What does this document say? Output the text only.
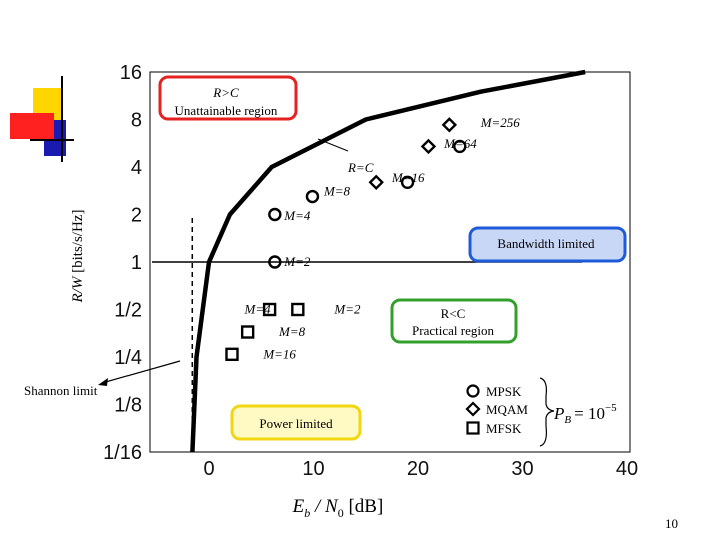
0	10	20	30	40
16
8
4
2
1
1/2
1/4
1/8
1/16
$E_b / N_0$ [dB]
R/W [bits/s/Hz]
R>C
Unattainable region
Bandwidth limited
R<C
Practical region
Power limited
Shannon limit
M=256
M=64
M=16
M=8
M=4
M=2
M=4	M=2
M=8
M=16
R=C
MPSK
MQAM
MFSK
$P_B = 10^{-5}$
10
